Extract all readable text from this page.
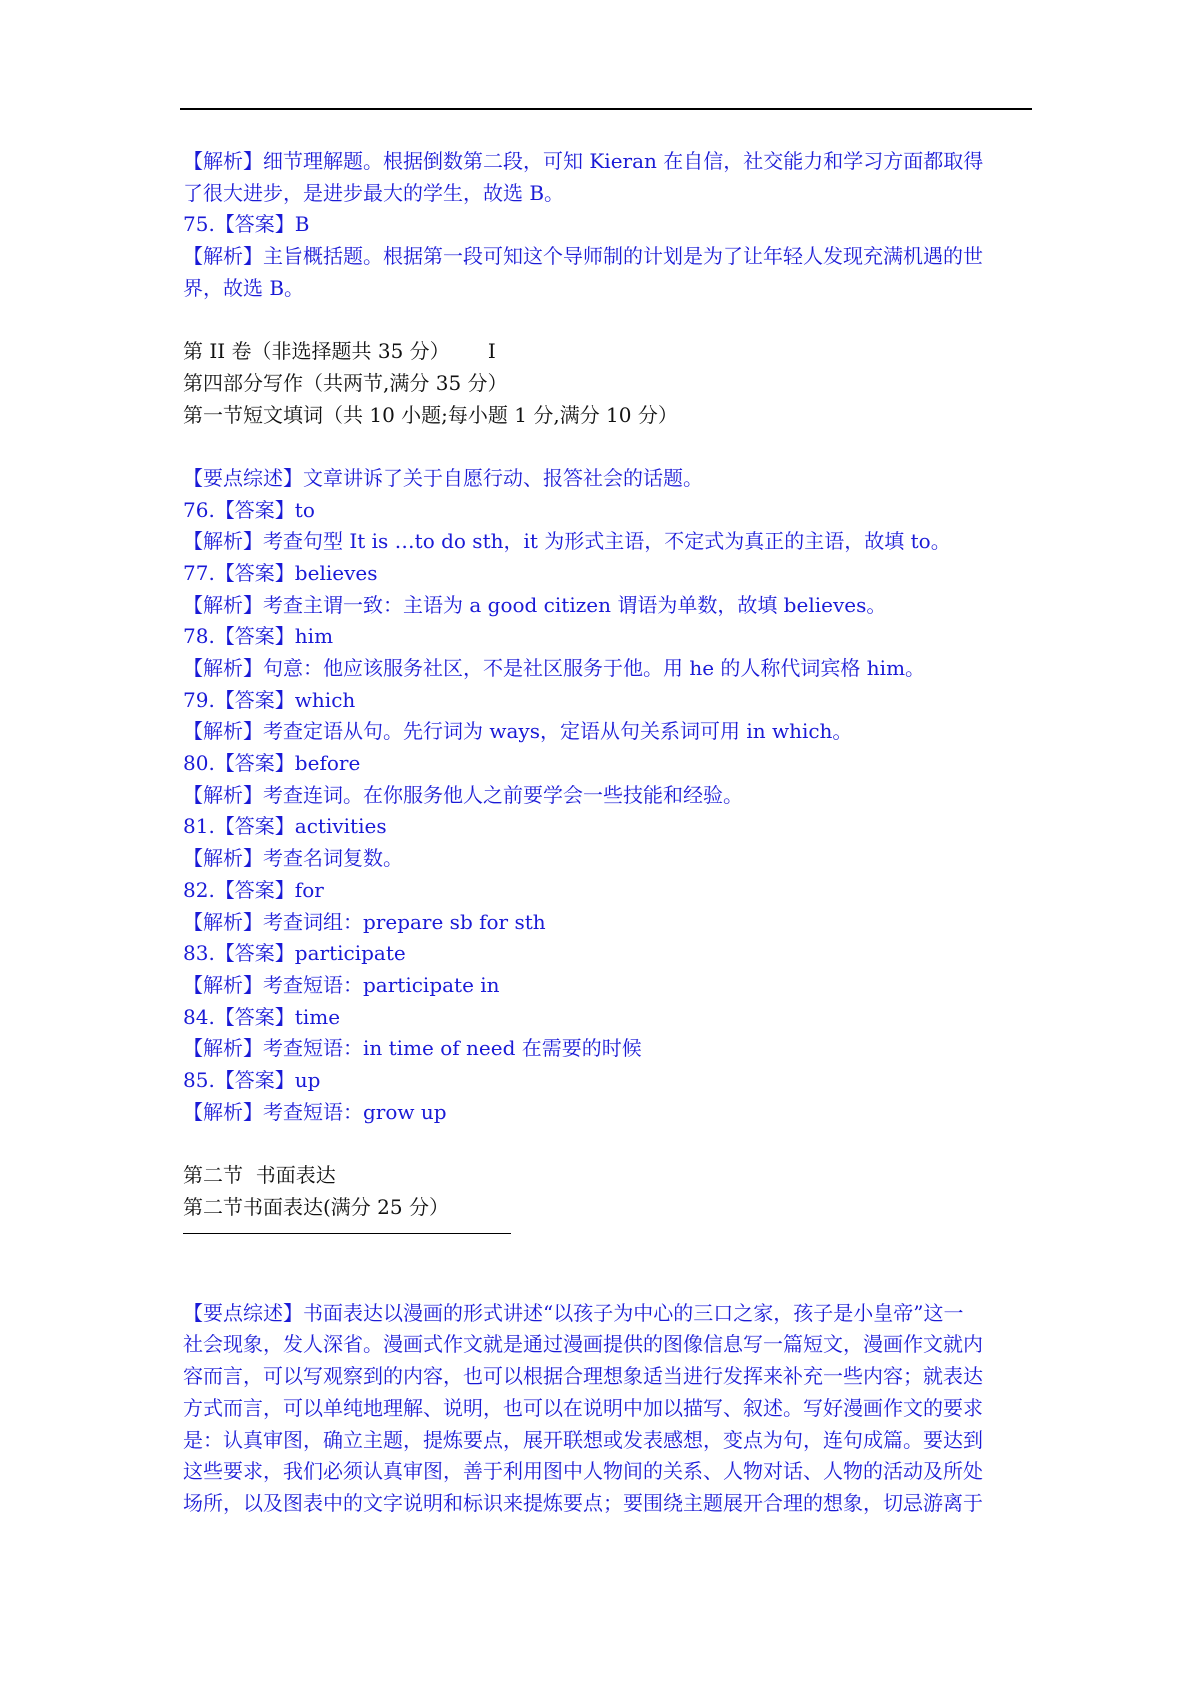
【解析】细节理解题。根据倒数第二段，可知 Kieran 在自信，社交能力和学习方面都取得
了很大进步，是进步最大的学生，故选 B。
75.【答案】B
【解析】主旨概括题。根据第一段可知这个导师制的计划是为了让年轻人发现充满机遇的世
界，故选 B。
第 II 卷（非选择题共 35 分）      I
第四部分写作（共两节,满分 35 分）
第一节短文填词（共 10 小题;每小题 1 分,满分 10 分）
【要点综述】文章讲诉了关于自愿行动、报答社会的话题。
76.【答案】to
【解析】考查句型 It is …to do sth，it 为形式主语，不定式为真正的主语，故填 to。
77.【答案】believes
【解析】考查主谓一致：主语为 a good citizen 谓语为单数，故填 believes。
78.【答案】him
【解析】句意：他应该服务社区，不是社区服务于他。用 he 的人称代词宾格 him。
79.【答案】which
【解析】考查定语从句。先行词为 ways，定语从句关系词可用 in which。
80.【答案】before
【解析】考查连词。在你服务他人之前要学会一些技能和经验。
81.【答案】activities
【解析】考查名词复数。
82.【答案】for
【解析】考查词组：prepare sb for sth
83.【答案】participate
【解析】考查短语：participate in
84.【答案】time
【解析】考查短语：in time of need 在需要的时候
85.【答案】up
【解析】考查短语：grow up
第二节  书面表达
第二节书面表达(满分 25 分）
【要点综述】书面表达以漫画的形式讲述“以孩子为中心的三口之家，孩子是小皇帝”这一
社会现象，发人深省。漫画式作文就是通过漫画提供的图像信息写一篇短文，漫画作文就内
容而言，可以写观察到的内容，也可以根据合理想象适当进行发挥来补充一些内容；就表达
方式而言，可以单纯地理解、说明，也可以在说明中加以描写、叙述。写好漫画作文的要求
是：认真审图，确立主题，提炼要点，展开联想或发表感想，变点为句，连句成篇。要达到
这些要求，我们必须认真审图，善于利用图中人物间的关系、人物对话、人物的活动及所处
场所，以及图表中的文字说明和标识来提炼要点；要围绕主题展开合理的想象，切忌游离于
